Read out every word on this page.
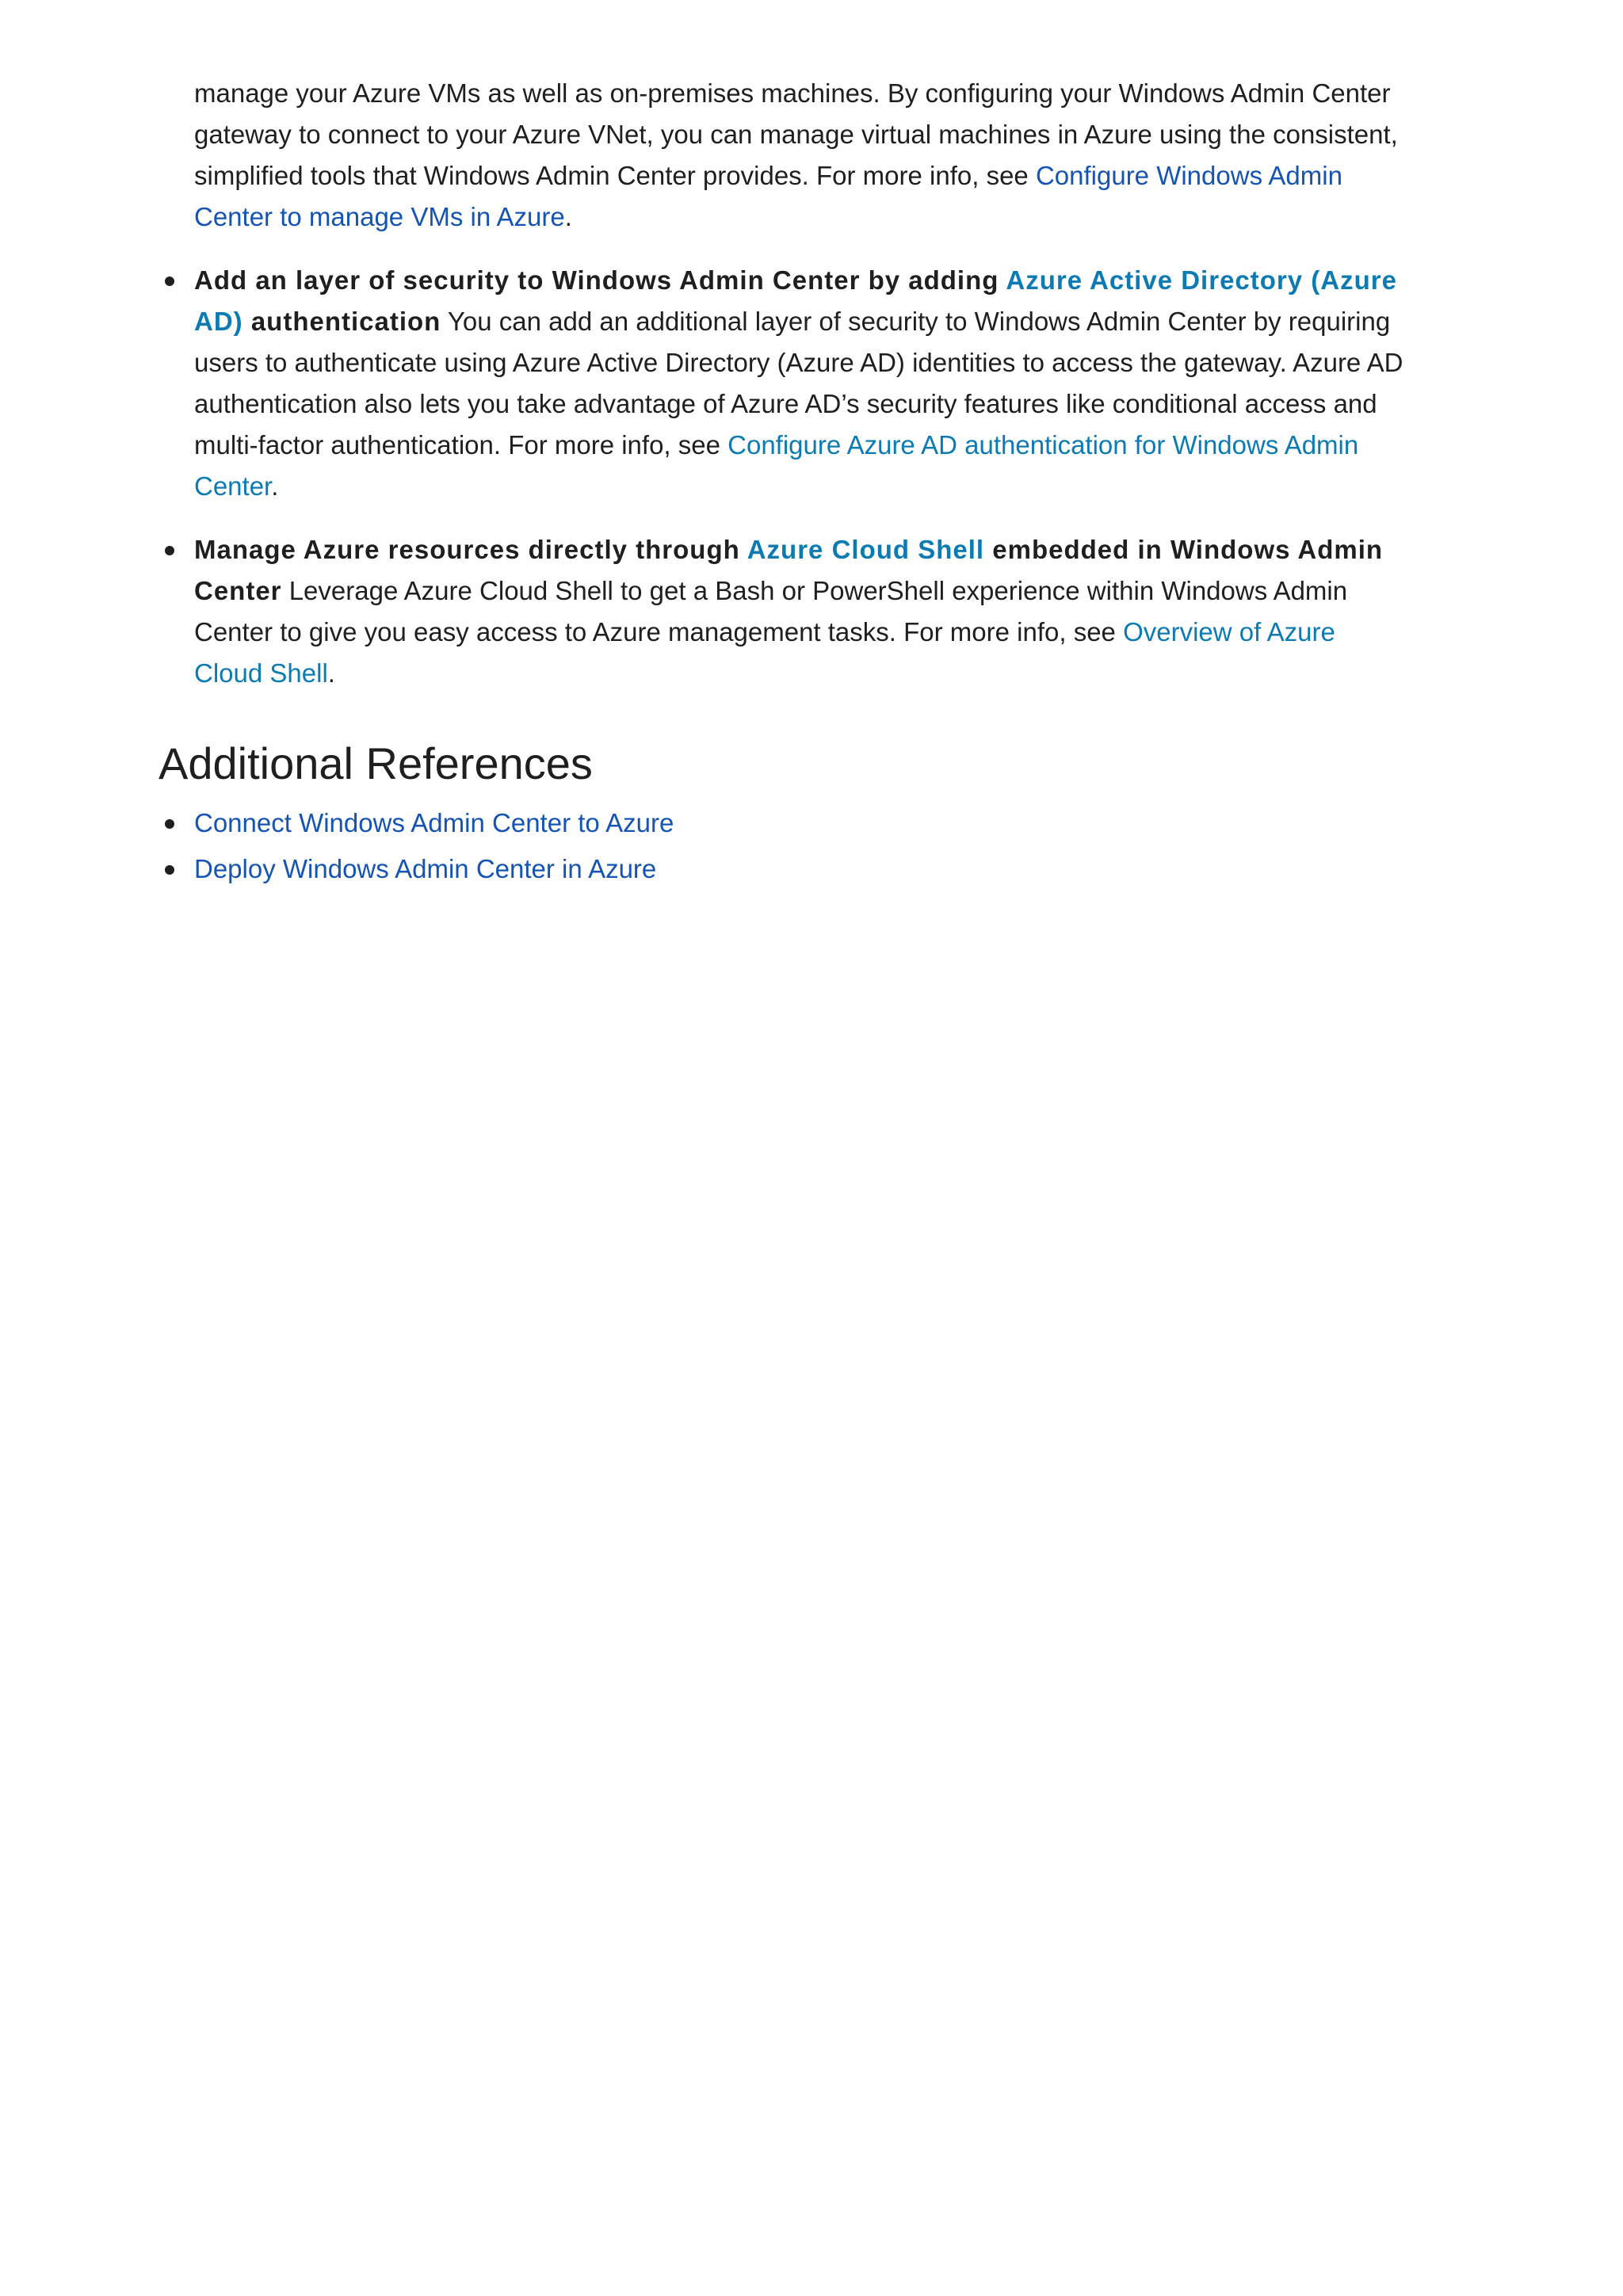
manage your Azure VMs as well as on-premises machines. By configuring your Windows Admin Center gateway to connect to your Azure VNet, you can manage virtual machines in Azure using the consistent, simplified tools that Windows Admin Center provides. For more info, see Configure Windows Admin Center to manage VMs in Azure.

Add an layer of security to Windows Admin Center by adding Azure Active Directory (Azure AD) authentication You can add an additional layer of security to Windows Admin Center by requiring users to authenticate using Azure Active Directory (Azure AD) identities to access the gateway. Azure AD authentication also lets you take advantage of Azure AD’s security features like conditional access and multi-factor authentication. For more info, see Configure Azure AD authentication for Windows Admin Center.
Manage Azure resources directly through Azure Cloud Shell embedded in Windows Admin Center Leverage Azure Cloud Shell to get a Bash or PowerShell experience within Windows Admin Center to give you easy access to Azure management tasks. For more info, see Overview of Azure Cloud Shell.
Additional References
Connect Windows Admin Center to Azure
Deploy Windows Admin Center in Azure
